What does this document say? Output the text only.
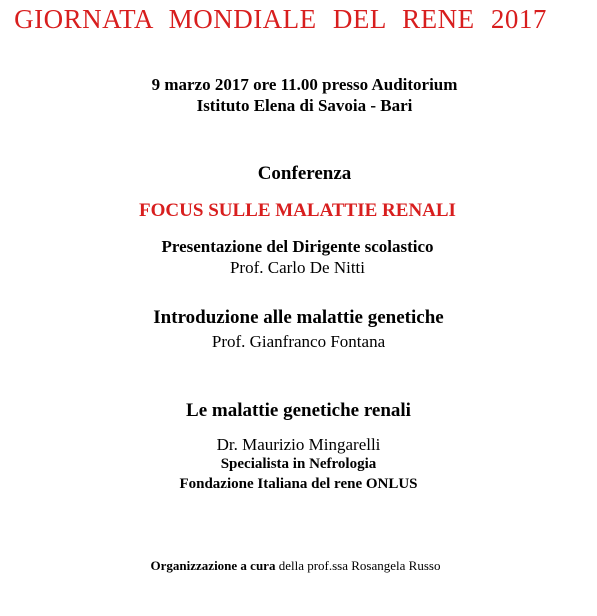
GIORNATA MONDIALE DEL RENE 2017
9 marzo 2017 ore 11.00 presso Auditorium
Istituto Elena di Savoia - Bari
Conferenza
FOCUS SULLE MALATTIE RENALI
Presentazione del Dirigente scolastico
Prof. Carlo De Nitti
Introduzione alle malattie genetiche
Prof. Gianfranco Fontana
Le malattie genetiche renali
Dr. Maurizio Mingarelli
Specialista in Nefrologia
Fondazione Italiana del rene ONLUS
Organizzazione a cura della prof.ssa Rosangela Russo
